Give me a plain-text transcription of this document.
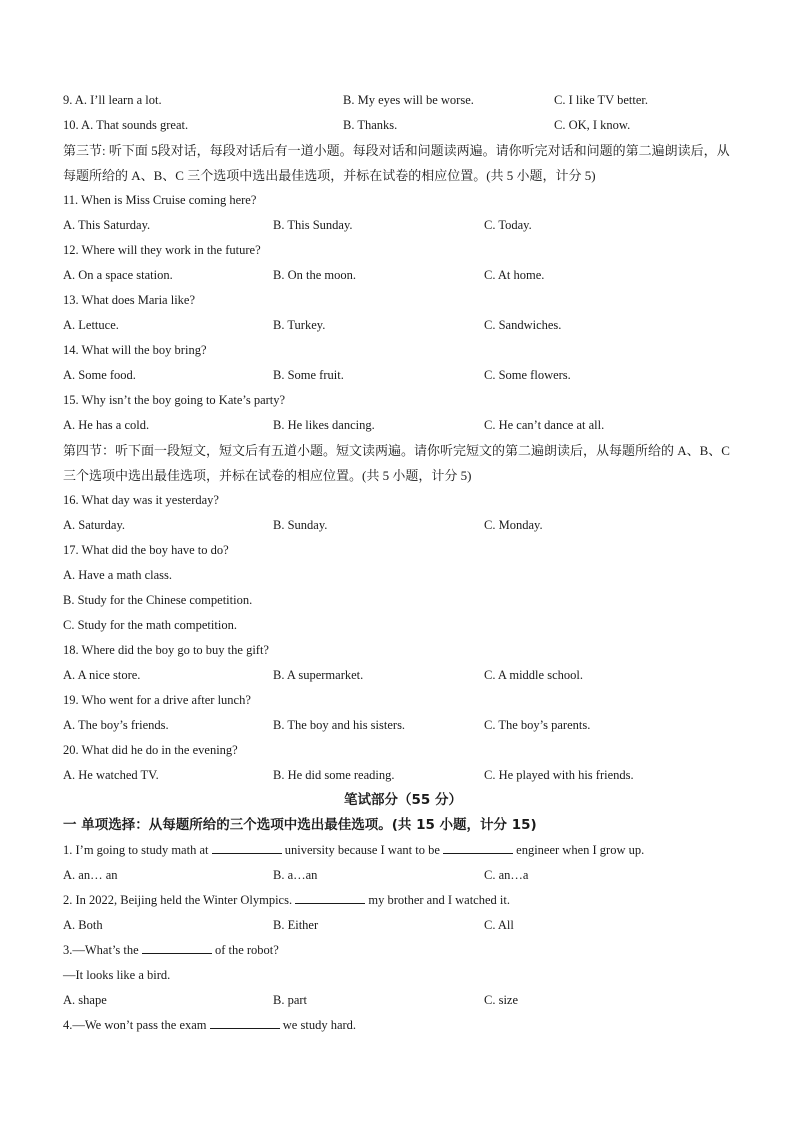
9. A. I’ll learn a lot.	B. My eyes will be worse.	C. I like TV better.
10. A. That sounds great.	B. Thanks.	C. OK, I know.
第三节: 听下面 5段对话，每段对话后有一道小题。每段对话和问题读两遍。请你听完对话和问题的第二遍朗读后，从每题所给的 A、B、C 三个选项中选出最佳选项，并标在试卷的相应位置。(共 5 小题，计分 5)
11. When is Miss Cruise coming here?
A. This Saturday.	B. This Sunday.	C. Today.
12. Where will they work in the future?
A. On a space station.	B. On the moon.	C. At home.
13. What does Maria like?
A. Lettuce.	B. Turkey.	C. Sandwiches.
14. What will the boy bring?
A. Some food.	B. Some fruit.	C. Some flowers.
15. Why isn’t the boy going to Kate’s party?
A. He has a cold.	B. He likes dancing.	C. He can’t dance at all.
第四节：听下面一段短文，短文后有五道小题。短文读两遍。请你听完短文的第二遍朗读后，从每题所给的 A、B、C 三个选项中选出最佳选项，并标在试卷的相应位置。(共 5 小题，计分 5)
16. What day was it yesterday?
A. Saturday.	B. Sunday.	C. Monday.
17. What did the boy have to do?
A. Have a math class.
B. Study for the Chinese competition.
C. Study for the math competition.
18. Where did the boy go to buy the gift?
A. A nice store.	B. A supermarket.	C. A middle school.
19. Who went for a drive after lunch?
A. The boy’s friends.	B. The boy and his sisters.	C. The boy’s parents.
20. What did he do in the evening?
A. He watched TV.	B. He did some reading.	C. He played with his friends.
笔试部分（55 分）
一 单项选择：从每题所给的三个选项中选出最佳选项。(共 15 小题，计分 15)
1. I’m going to study math at	university because I want to be	engineer when I grow up.
A. an… an	B. a…an	C. an…a
2. In 2022, Beijing held the Winter Olympics.	my brother and I watched it.
A. Both	B. Either	C. All
3.—What’s the	of the robot?
—It looks like a bird.
A. shape	B. part	C. size
4.—We won’t pass the exam	we study hard.
